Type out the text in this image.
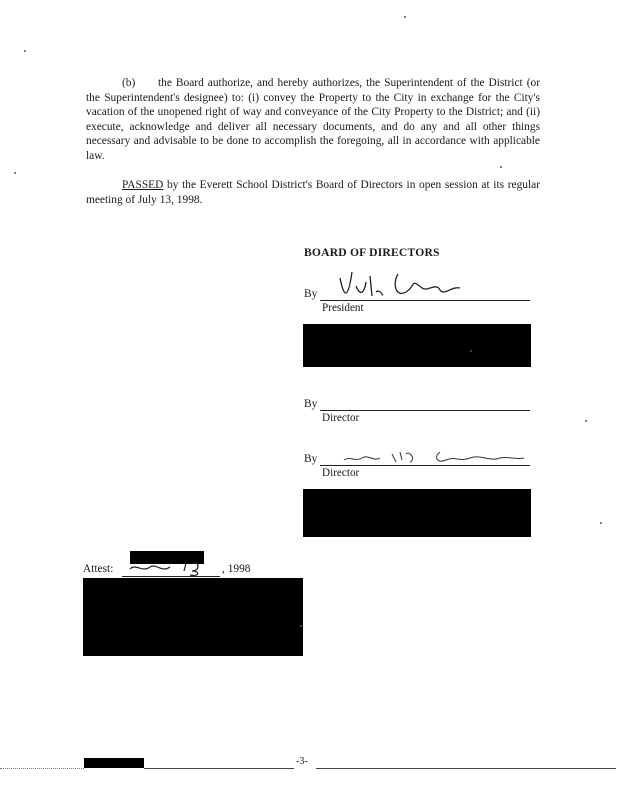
(b) the Board authorize, and hereby authorizes, the Superintendent of the District (or the Superintendent's designee) to: (i) convey the Property to the City in exchange for the City's vacation of the unopened right of way and conveyance of the City Property to the District; and (ii) execute, acknowledge and deliver all necessary documents, and do any and all other things necessary and advisable to be done to accomplish the foregoing, all in accordance with applicable law.
PASSED by the Everett School District's Board of Directors in open session at its regular meeting of July 13, 1998.
BOARD OF DIRECTORS
By
President
By
Director
By
Director
Attest:	, 1998
-3-
